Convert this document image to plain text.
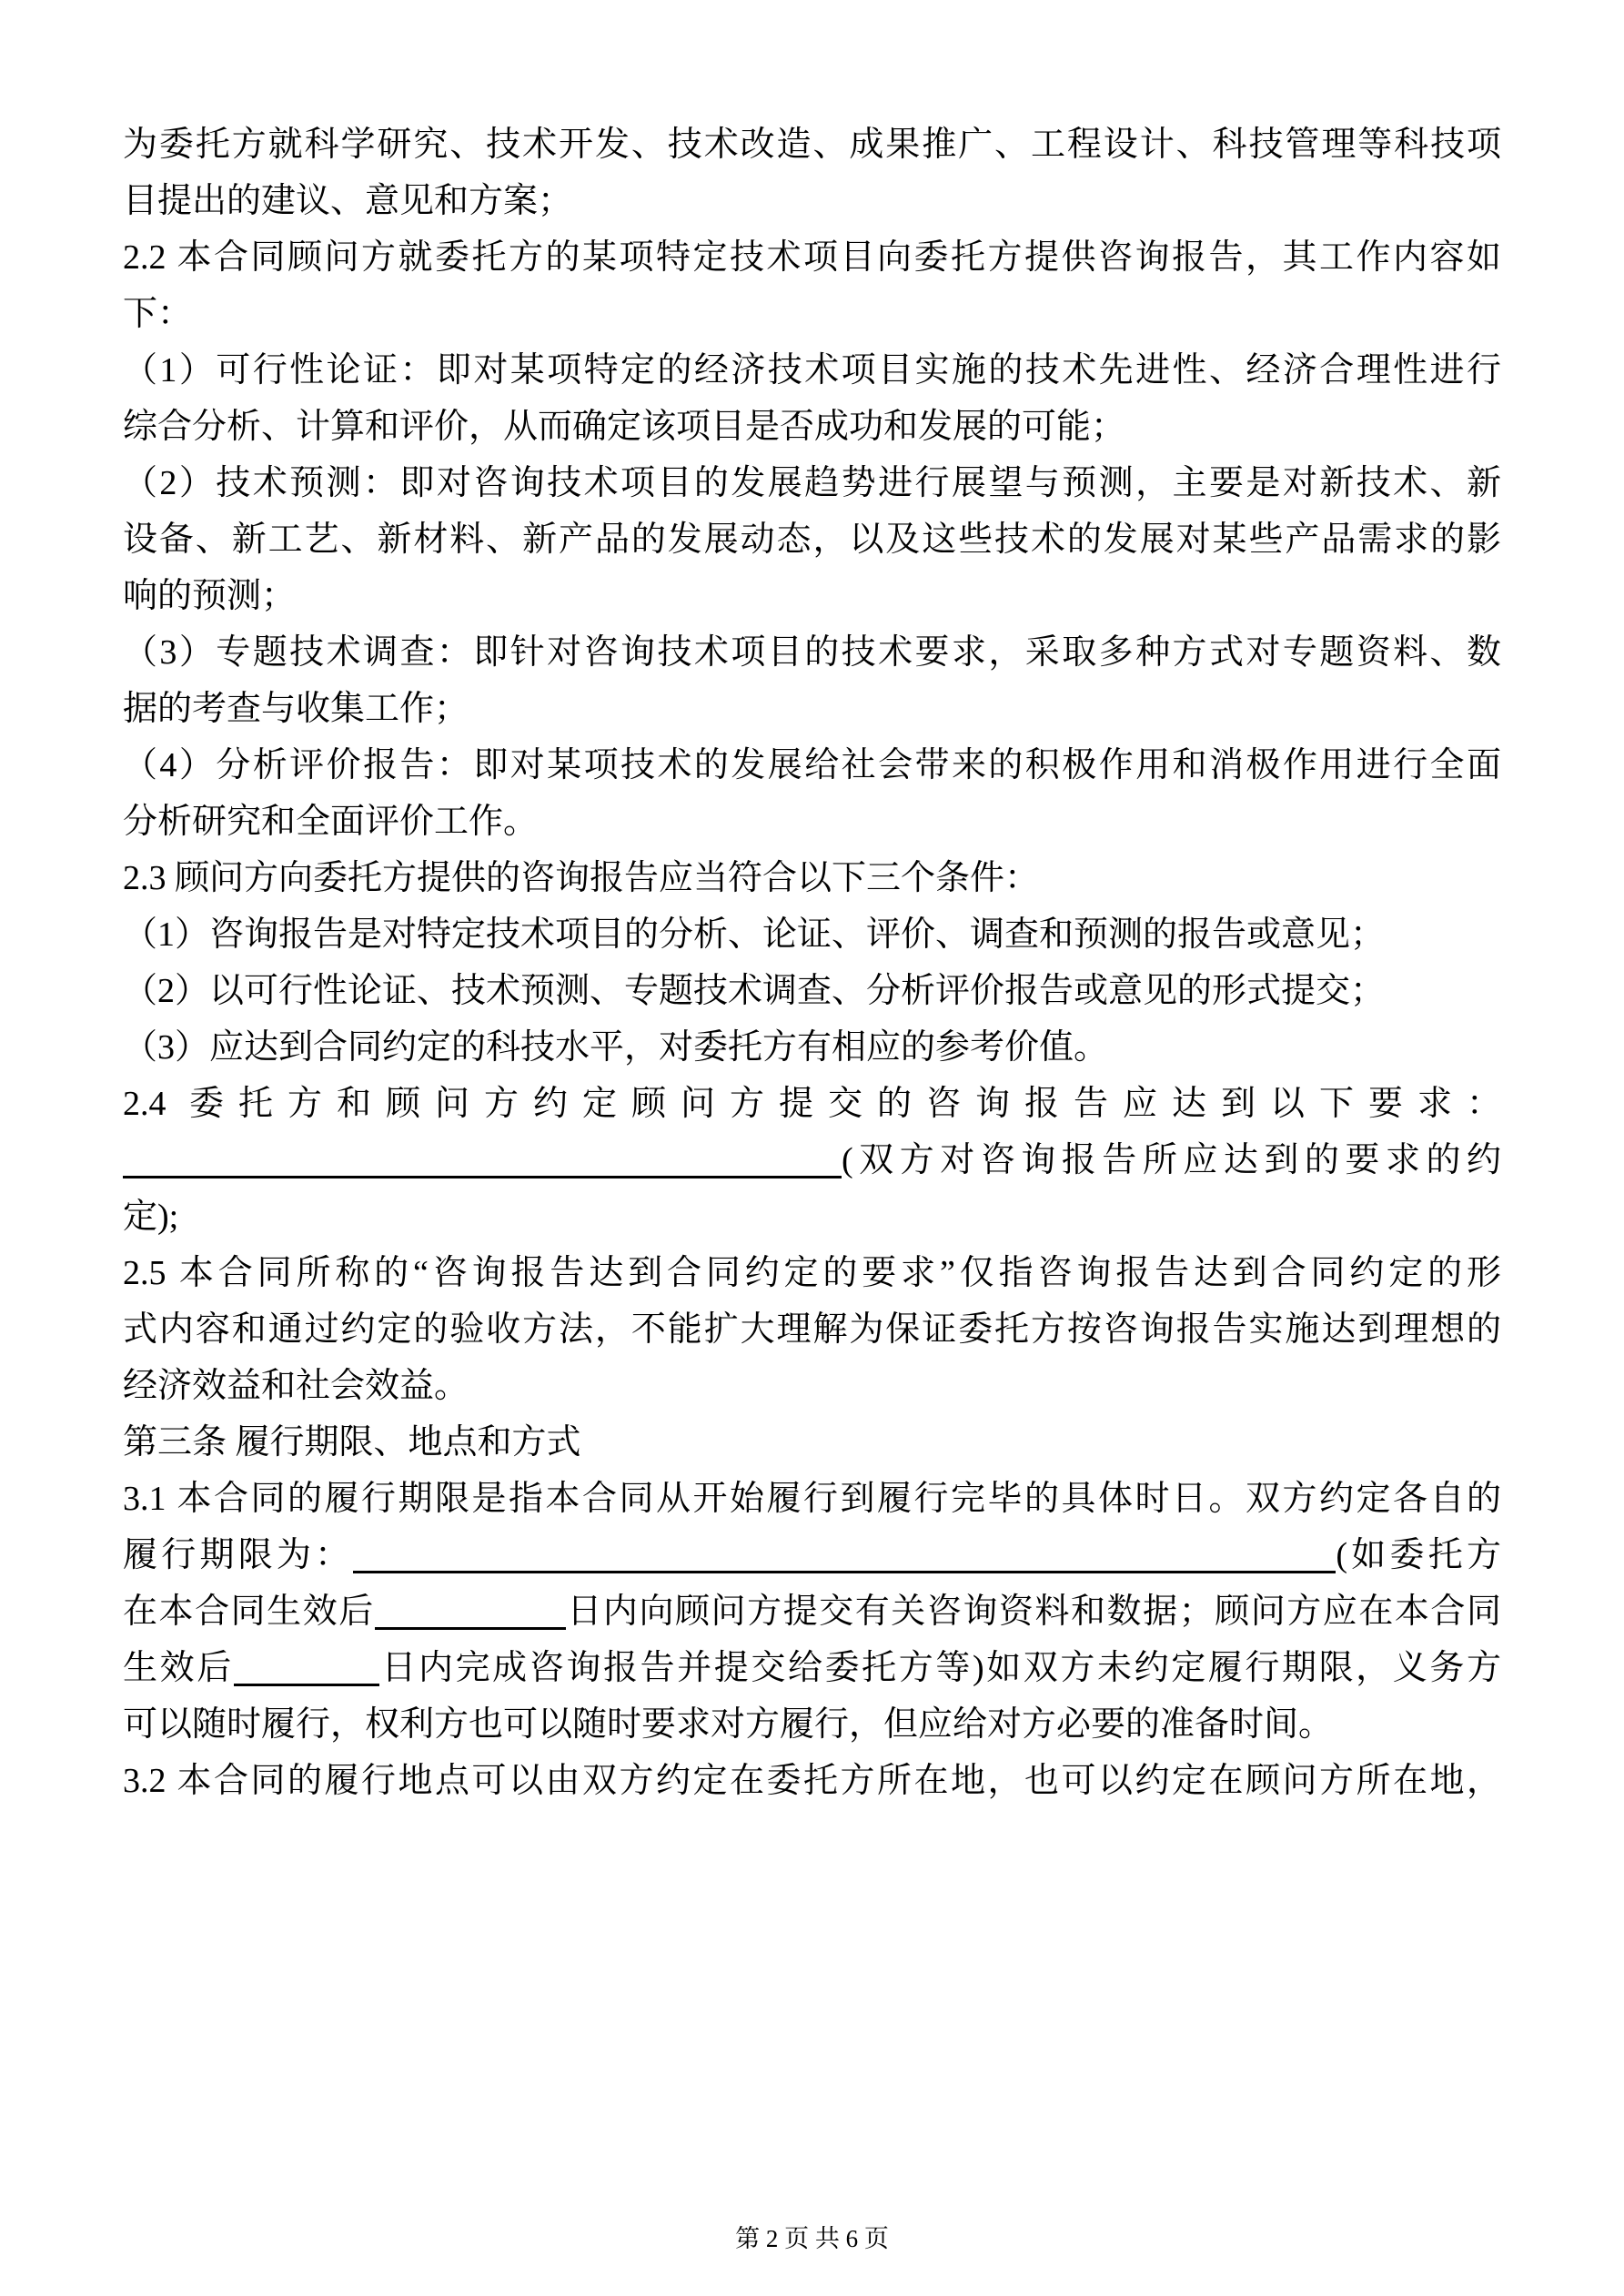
为委托方就科学研究、技术开发、技术改造、成果推广、工程设计、科技管理等科技项
目提出的建议、意见和方案；
2.2 本合同顾问方就委托方的某项特定技术项目向委托方提供咨询报告，其工作内容如
下：
（1）可行性论证：即对某项特定的经济技术项目实施的技术先进性、经济合理性进行
综合分析、计算和评价，从而确定该项目是否成功和发展的可能；
（2）技术预测：即对咨询技术项目的发展趋势进行展望与预测，主要是对新技术、新
设备、新工艺、新材料、新产品的发展动态，以及这些技术的发展对某些产品需求的影
响的预测；
（3）专题技术调查：即针对咨询技术项目的技术要求，采取多种方式对专题资料、数
据的考查与收集工作；
（4）分析评价报告：即对某项技术的发展给社会带来的积极作用和消极作用进行全面
分析研究和全面评价工作。
2.3 顾问方向委托方提供的咨询报告应当符合以下三个条件：
（1）咨询报告是对特定技术项目的分析、论证、评价、调查和预测的报告或意见；
（2）以可行性论证、技术预测、专题技术调查、分析评价报告或意见的形式提交；
（3）应达到合同约定的科技水平，对委托方有相应的参考价值。
2.4 委托方和顾问方约定顾问方提交的咨询报告应达到以下要求：
(双方对咨询报告所应达到的要求的约
定);
2.5 本合同所称的“咨询报告达到合同约定的要求”仅指咨询报告达到合同约定的形
式内容和通过约定的验收方法，不能扩大理解为保证委托方按咨询报告实施达到理想的
经济效益和社会效益。
第三条 履行期限、地点和方式
3.1 本合同的履行期限是指本合同从开始履行到履行完毕的具体时日。双方约定各自的
履行期限为：	(如委托方
在本合同生效后	日内向顾问方提交有关咨询资料和数据；顾问方应在本合同
生效后	日内完成咨询报告并提交给委托方等)如双方未约定履行期限，义务方
可以随时履行，权利方也可以随时要求对方履行，但应给对方必要的准备时间。
3.2 本合同的履行地点可以由双方约定在委托方所在地，也可以约定在顾问方所在地，
第 2 页 共 6 页
